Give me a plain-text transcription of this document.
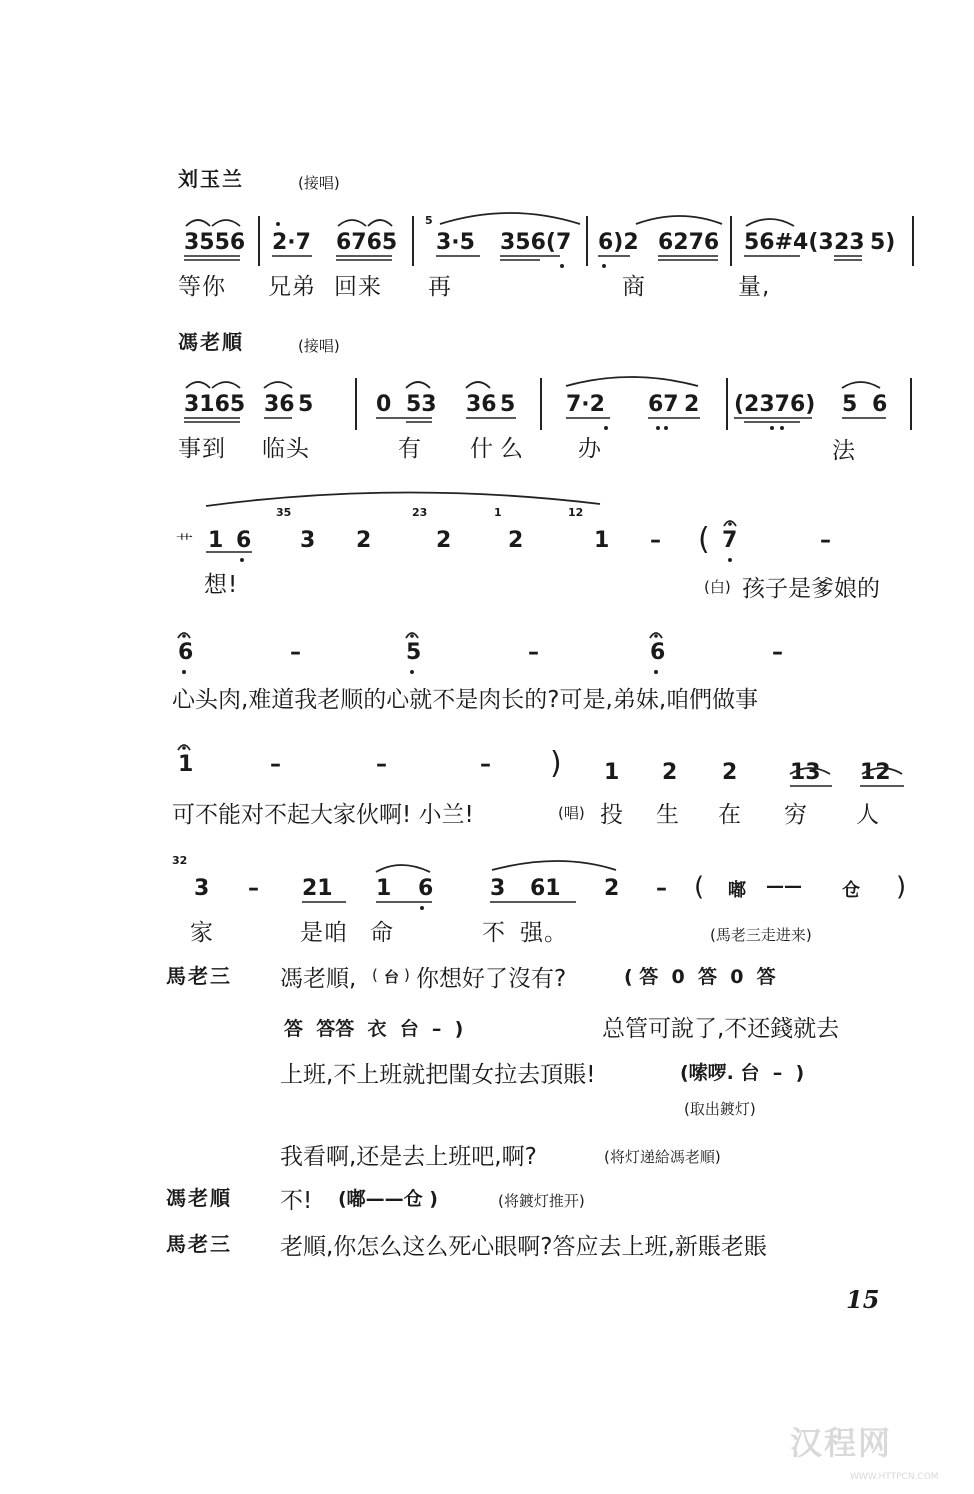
刘玉兰	(接唱)
3556 2·7 6765
5
3·5 356(7 6)2 6276 56#4(3 23 5)
等你 兄弟 回来 再	商	量,
馮老順	(接唱)
3165 36 5	0 53 36 5 7·2 67 2 (2376) 5 6
事到 临头	有 什 么 办	法
艹 1 6
35
3 2
23
2
1
2
12
1 – ( 7	–
想!	(白) 孩子是爹娘的
6	–	5	–	6	–
心头肉,难道我老顺的心就不是肉长的?可是,弟妹,咱們做事
1	–	–	– ) 1 2 2 13 12
可不能对不起大家伙啊! 小兰!	(唱) 投 生 在 穷 人
32
3 – 21 1 6	3 61 2 – ( 嘟 —— 仓 )
家	是咱 命	不 强。	(馬老三走进来)
馬老三 馮老順, ( 台 ) 你想好了沒有?	( 答  0  答  0  答
答  答答  衣  台  –  )	总管可說了,不还錢就去
上班,不上班就把閨女拉去頂賬!	(嗦啰. 台  –  )
(取出鍍灯)
我看啊,还是去上班吧,啊?	(将灯递給馮老順)
馮老順 不! (嘟——仓 )	(将鍍灯推开)
馬老三 老順,你怎么这么死心眼啊?答应去上班,新賬老賬
15
汉程网
WWW.HTTPCN.COM
